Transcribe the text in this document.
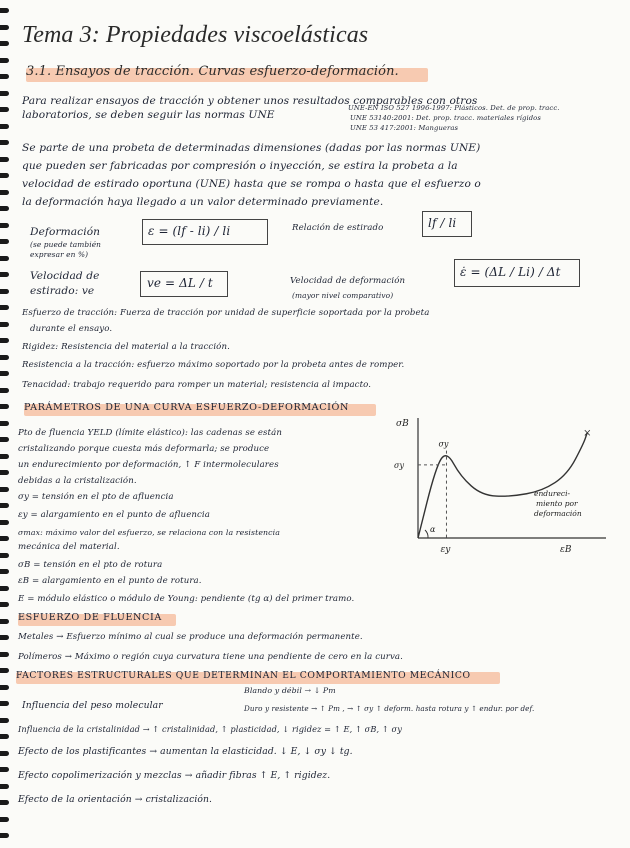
Tema 3: Propiedades viscoelásticas
3.1. Ensayos de tracción. Curvas esfuerzo-deformación.
Para realizar ensayos de tracción y obtener unos resultados comparables con otros
laboratorios, se deben seguir las normas UNE
UNE-EN ISO 527 1996-1997: Plásticos. Det. de prop. tracc.
UNE 53140:2001: Det. prop. tracc. materiales rígidos
UNE 53 417:2001: Mangueras
Se parte de una probeta de determinadas dimensiones (dadas por las normas UNE)
que pueden ser fabricadas por compresión o inyección, se estira la probeta a la
velocidad de estirado oportuna (UNE) hasta que se rompa o hasta que el esfuerzo o
la deformación haya llegado a un valor determinado previamente.
Deformación
(se puede también
expresar en %)
ε = (lf - li) / li	Relación de estirado	lf / li
Velocidad de
estirado: ve
ve = ΔL / t	Velocidad de deformación
(mayor nivel comparativo)
ε̇ = (ΔL / Li) / Δt
Esfuerzo de tracción: Fuerza de tracción por unidad de superficie soportada por la probeta
durante el ensayo.
Rigidez: Resistencia del material a la tracción.
Resistencia a la tracción: esfuerzo máximo soportado por la probeta antes de romper.
Tenacidad: trabajo requerido para romper un material; resistencia al impacto.
PARÁMETROS DE UNA CURVA ESFUERZO-DEFORMACIÓN
Pto de fluencia YELD (límite elástico): las cadenas se están
cristalizando porque cuesta más deformarla; se produce
un endurecimiento por deformación, ↑ F intermoleculares
debidas a la cristalización.
σy = tensión en el pto de afluencia
εy = alargamiento en el punto de afluencia
σmax: máximo valor del esfuerzo, se relaciona con la resistencia
mecánica del material.
σB = tensión en el pto de rotura
εB = alargamiento en el punto de rotura.
E = módulo elástico o módulo de Young: pendiente (tg α) del primer tramo.
×
σB
σy
σy
α
εy	εB
endureci-
miento por
deformación
ESFUERZO DE FLUENCIA
Metales → Esfuerzo mínimo al cual se produce una deformación permanente.
Polímeros → Máximo o región cuya curvatura tiene una pendiente de cero en la curva.
FACTORES ESTRUCTURALES QUE DETERMINAN EL COMPORTAMIENTO MECÁNICO
Influencia del peso molecular
Blando y débil → ↓ Pm
Duro y resistente → ↑ Pm , → ↑ σy ↑ deform. hasta rotura y ↑ endur. por def.
Influencia de la cristalinidad → ↑ cristalinidad, ↑ plasticidad, ↓ rigidez = ↑ E, ↑ σB, ↑ σy
Efecto de los plastificantes → aumentan la elasticidad. ↓ E, ↓ σy ↓ tg.
Efecto copolimerización y mezclas → añadir fibras ↑ E, ↑ rigidez.
Efecto de la orientación → cristalización.
